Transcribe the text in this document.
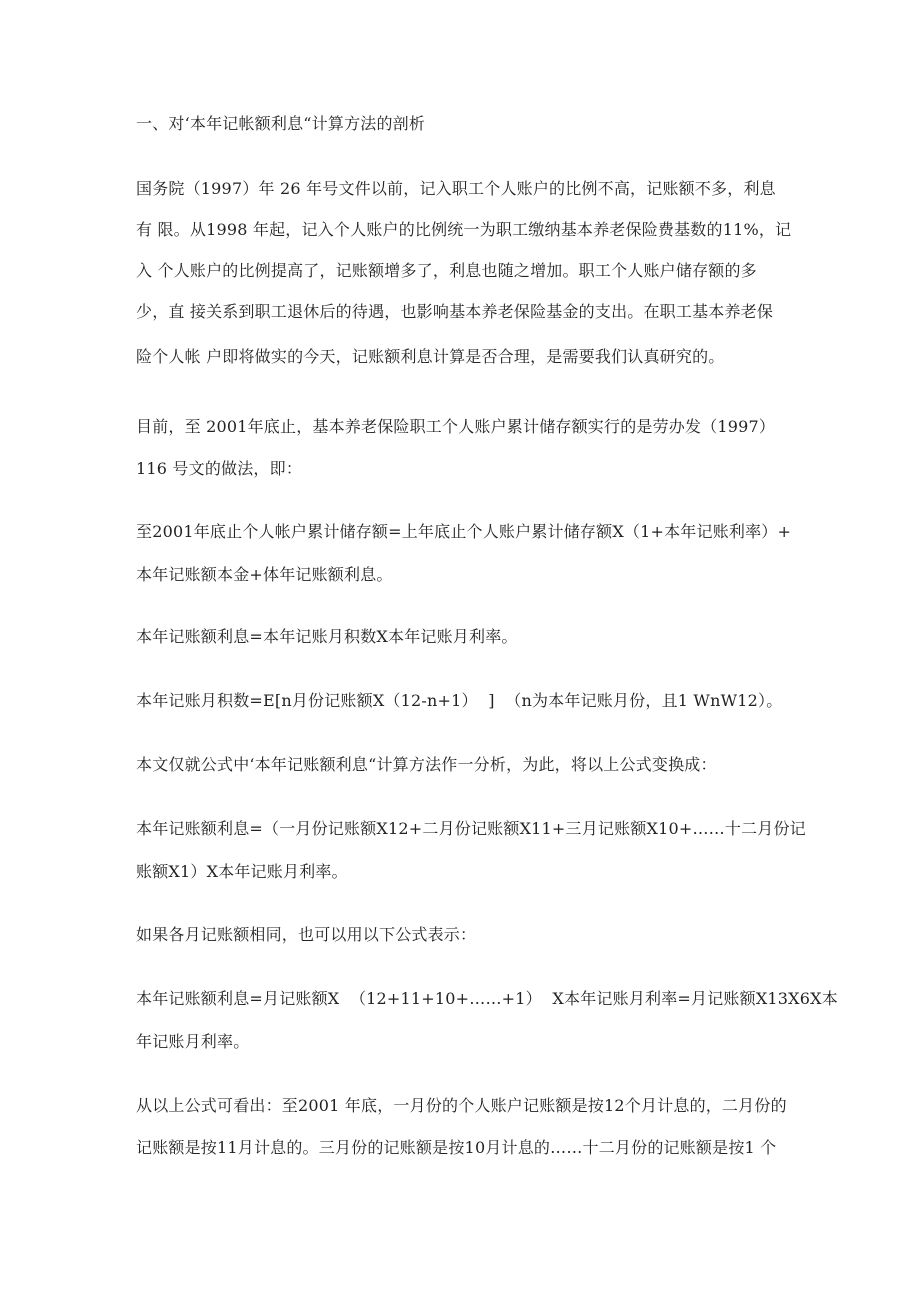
一、对‘本年记帐额利息“计算方法的剖析
国务院（1997）年 26 年号文件以前，记入职工个人账户的比例不高，记账额不多，利息
有 限。从1998 年起，记入个人账户的比例统一为职工缴纳基本养老保险费基数的11%，记
入 个人账户的比例提高了，记账额增多了，利息也随之增加。职工个人账户储存额的多
少，直 接关系到职工退休后的待遇，也影响基本养老保险基金的支出。在职工基本养老保
险个人帐 户即将做实的今天，记账额利息计算是否合理，是需要我们认真研究的。
目前，至 2001年底止，基本养老保险职工个人账户累计储存额实行的是劳办发（1997）
116 号文的做法，即：
至2001年底止个人帐户累计储存额=上年底止个人账户累计储存额X（1+本年记账利率）+
本年记账额本金+体年记账额利息。
本年记账额利息=本年记账月积数X本年记账月利率。
本年记账月积数=E[n月份记账额X（12-n+1）  ]  （n为本年记账月份，且1 WnW12）。
本文仅就公式中‘本年记账额利息“计算方法作一分析，为此，将以上公式变换成：
本年记账额利息=（一月份记账额X12+二月份记账额X11+三月记账额X10+……十二月份记
账额X1）X本年记账月利率。
如果各月记账额相同，也可以用以下公式表示：
本年记账额利息=月记账额X  （12+11+10+……+1）  X本年记账月利率=月记账额X13X6X本
年记账月利率。
从以上公式可看出：至2001 年底，一月份的个人账户记账额是按12个月计息的，二月份的
记账额是按11月计息的。三月份的记账额是按10月计息的……十二月份的记账额是按1 个
